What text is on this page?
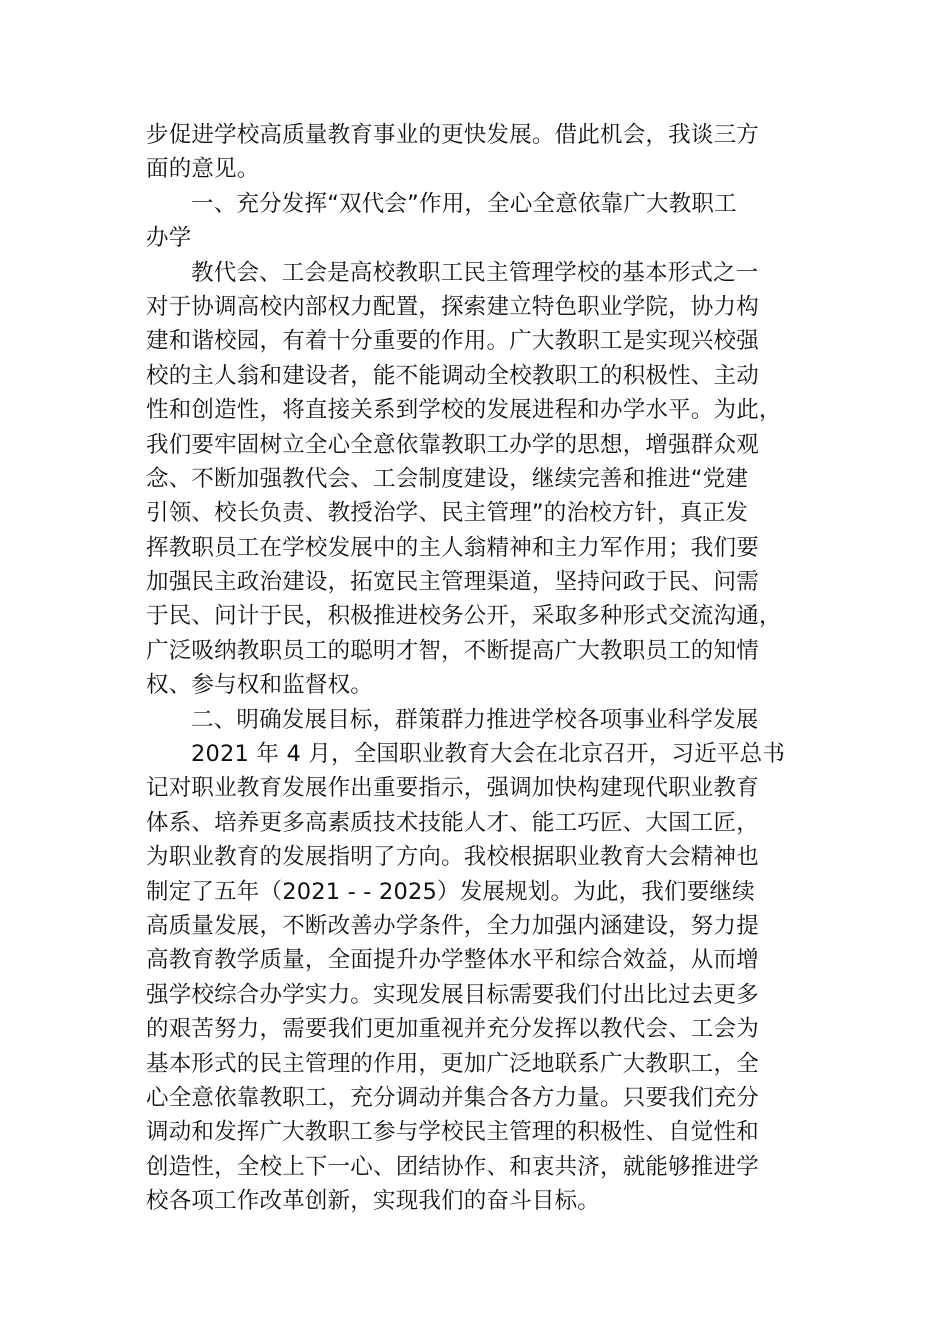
步促进学校高质量教育事业的更快发展。借此机会，我谈三方
面的意见。
一、充分发挥“双代会”作用，全心全意依靠广大教职工
办学
教代会、工会是高校教职工民主管理学校的基本形式之一
对于协调高校内部权力配置，探索建立特色职业学院，协力构
建和谐校园，有着十分重要的作用。广大教职工是实现兴校强
校的主人翁和建设者，能不能调动全校教职工的积极性、主动
性和创造性，将直接关系到学校的发展进程和办学水平。为此，
我们要牢固树立全心全意依靠教职工办学的思想，增强群众观
念、不断加强教代会、工会制度建设，继续完善和推进“党建
引领、校长负责、教授治学、民主管理”的治校方针，真正发
挥教职员工在学校发展中的主人翁精神和主力军作用；我们要
加强民主政治建设，拓宽民主管理渠道，坚持问政于民、问需
于民、问计于民，积极推进校务公开，采取多种形式交流沟通，
广泛吸纳教职员工的聪明才智，不断提高广大教职员工的知情
权、参与权和监督权。
二、明确发展目标，群策群力推进学校各项事业科学发展
2021 年 4 月，全国职业教育大会在北京召开，习近平总书
记对职业教育发展作出重要指示，强调加快构建现代职业教育
体系、培养更多高素质技术技能人才、能工巧匠、大国工匠，
为职业教育的发展指明了方向。我校根据职业教育大会精神也
制定了五年（2021 - - 2025）发展规划。为此，我们要继续
高质量发展，不断改善办学条件，全力加强内涵建设，努力提
高教育教学质量，全面提升办学整体水平和综合效益，从而增
强学校综合办学实力。实现发展目标需要我们付出比过去更多
的艰苦努力，需要我们更加重视并充分发挥以教代会、工会为
基本形式的民主管理的作用，更加广泛地联系广大教职工，全
心全意依靠教职工，充分调动并集合各方力量。只要我们充分
调动和发挥广大教职工参与学校民主管理的积极性、自觉性和
创造性，全校上下一心、团结协作、和衷共济，就能够推进学
校各项工作改革创新，实现我们的奋斗目标。
